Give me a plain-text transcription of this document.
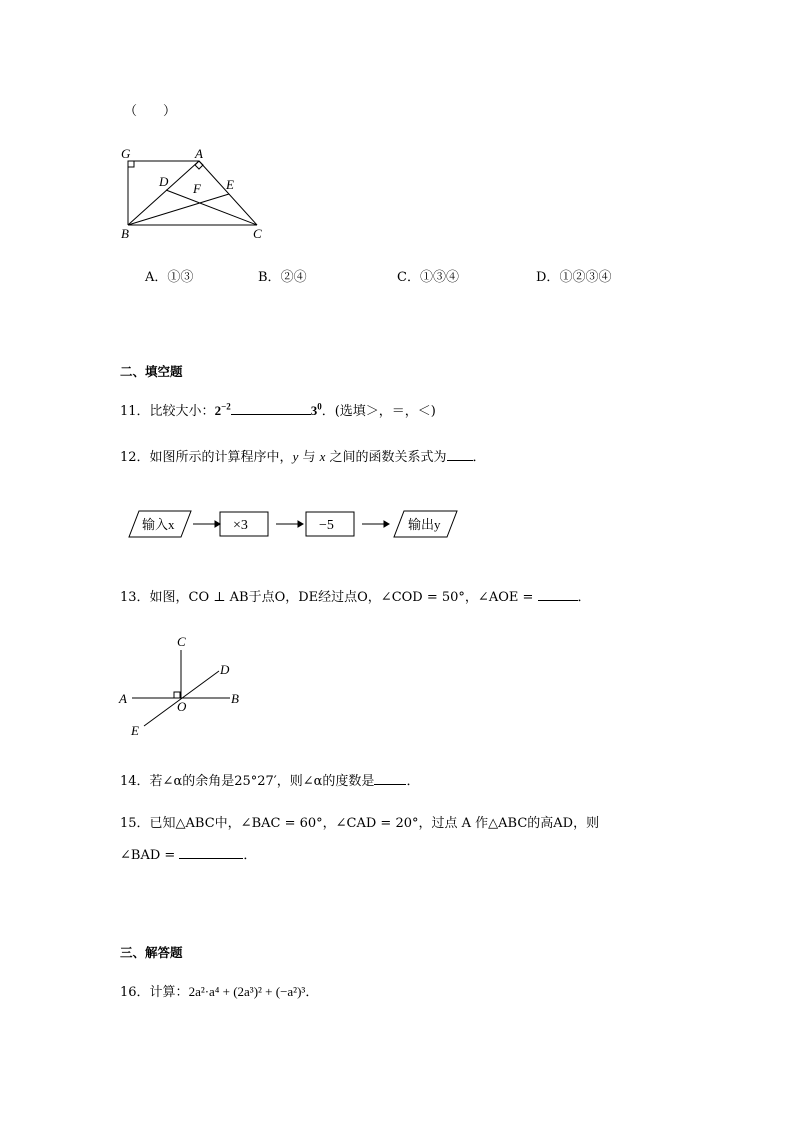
（　　）
G	A
D F E
B	C
A．①③	B．②④	C．①③④	D．①②③④
二、填空题
11．比较大小：$2^{-2}$	$3^0$．(选填＞，＝，＜)
12．如图所示的计算程序中，y 与 x 之间的函数关系式为 ．
输入x	×3	−5	输出y
13．如图，CO ⊥ AB于点O，DE经过点O，∠COD = 50°，∠AOE =	．
C
D
A
O
B
E
14．若∠α的余角是25°27′，则∠α的度数是 ．
15．已知△ABC中，∠BAC = 60°，∠CAD = 20°，过点 A 作△ABC的高AD，则
∠BAD =	．
三、解答题
16．计算：2a²·a⁴ + (2a³)² + (−a²)³．
